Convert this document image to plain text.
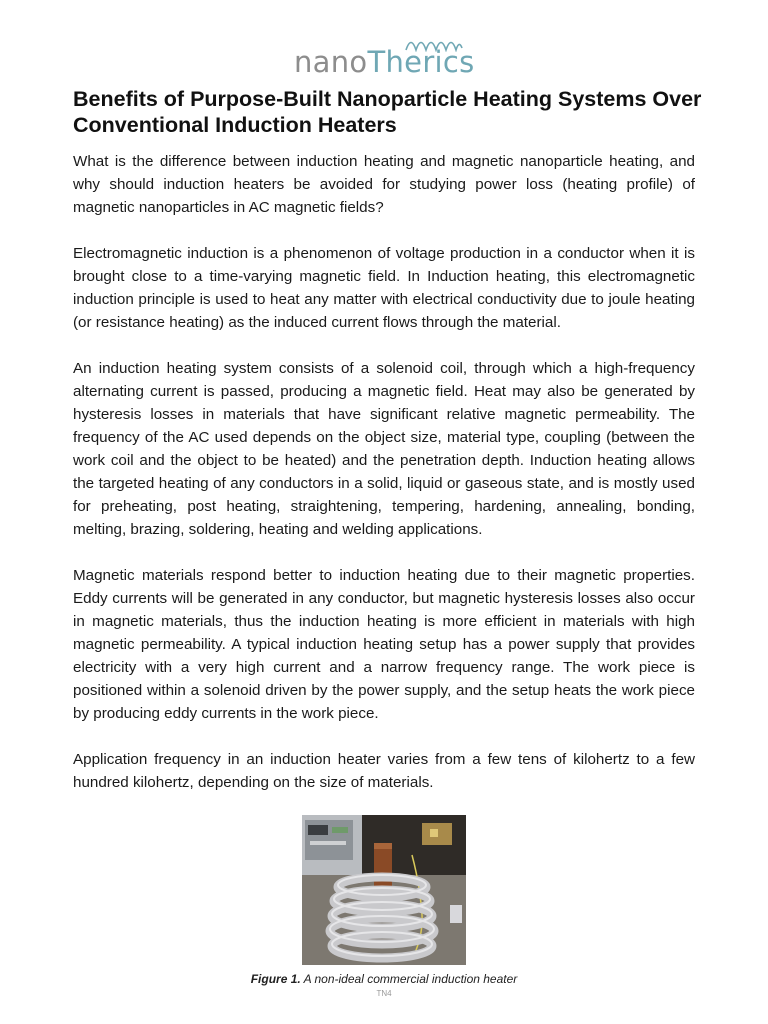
nanoTherics
Benefits of Purpose-Built Nanoparticle Heating Systems Over Conventional Induction Heaters

What is the difference between induction heating and magnetic nanoparticle heating, and why should induction heaters be avoided for studying power loss (heating profile) of magnetic nanoparticles in AC magnetic fields?

Electromagnetic induction is a phenomenon of voltage production in a conductor when it is brought close to a time-varying magnetic field. In Induction heating, this electromagnetic induction principle is used to heat any matter with electrical conductivity due to joule heating (or resistance heating) as the induced current flows through the material.

An induction heating system consists of a solenoid coil, through which a high-frequency alternating current is passed, producing a magnetic field. Heat may also be generated by hysteresis losses in materials that have significant relative magnetic permeability. The frequency of the AC used depends on the object size, material type, coupling (between the work coil and the object to be heated) and the penetration depth. Induction heating allows the targeted heating of any conductors in a solid, liquid or gaseous state, and is mostly used for preheating, post heating, straightening, tempering, hardening, annealing, bonding, melting, brazing, soldering, heating and welding applications.

Magnetic materials respond better to induction heating due to their magnetic properties. Eddy currents will be generated in any conductor, but magnetic hysteresis losses also occur in magnetic materials, thus the induction heating is more efficient in materials with high magnetic permeability. A typical induction heating setup has a power supply that provides electricity with a very high current and a narrow frequency range. The work piece is positioned within a solenoid driven by the power supply, and the setup heats the work piece by producing eddy currents in the work piece.

Application frequency in an induction heater varies from a few tens of kilohertz to a few hundred kilohertz, depending on the size of materials.

Figure 1. A non-ideal commercial induction heater
TN4
